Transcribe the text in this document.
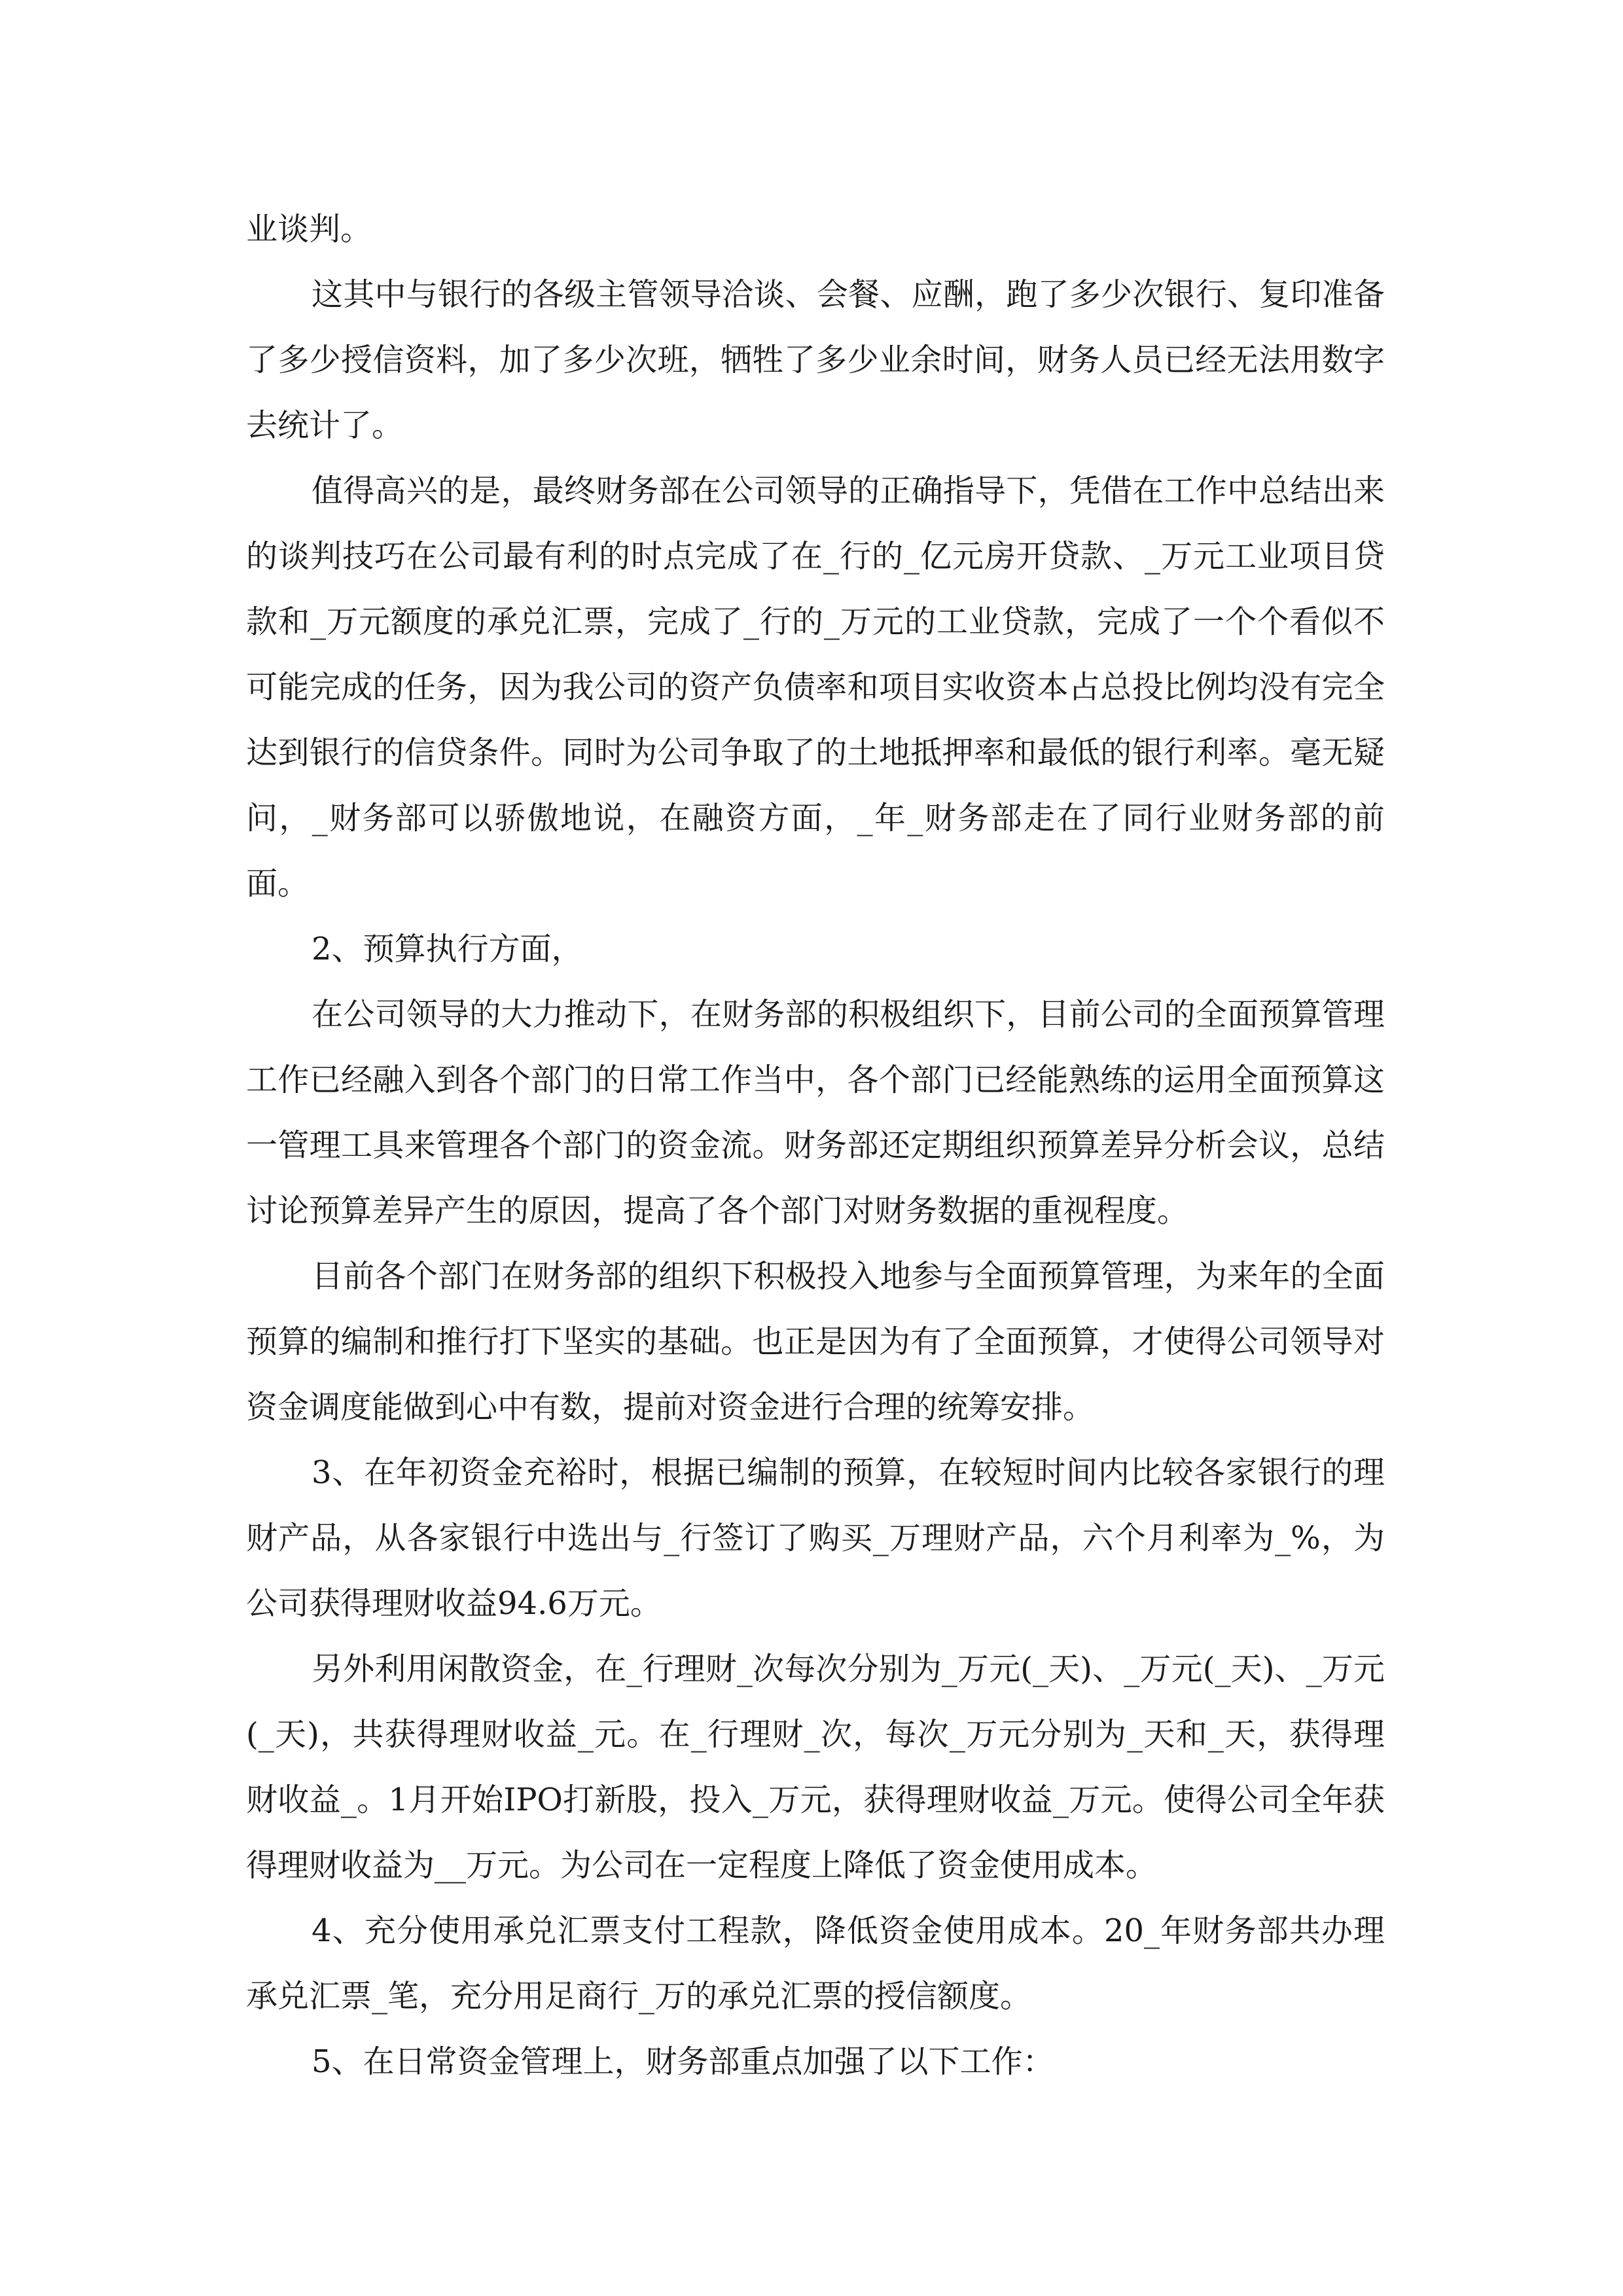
业谈判。

这其中与银行的各级主管领导洽谈、会餐、应酬，跑了多少次银行、复印准备了多少授信资料，加了多少次班，牺牲了多少业余时间，财务人员已经无法用数字去统计了。

值得高兴的是，最终财务部在公司领导的正确指导下，凭借在工作中总结出来的谈判技巧在公司最有利的时点完成了在_行的_亿元房开贷款、_万元工业项目贷款和_万元额度的承兑汇票，完成了_行的_万元的工业贷款，完成了一个个看似不可能完成的任务，因为我公司的资产负债率和项目实收资本占总投比例均没有完全达到银行的信贷条件。同时为公司争取了的土地抵押率和最低的银行利率。毫无疑问，_财务部可以骄傲地说，在融资方面，_年_财务部走在了同行业财务部的前面。

2、预算执行方面，

在公司领导的大力推动下，在财务部的积极组织下，目前公司的全面预算管理工作已经融入到各个部门的日常工作当中，各个部门已经能熟练的运用全面预算这一管理工具来管理各个部门的资金流。财务部还定期组织预算差异分析会议，总结讨论预算差异产生的原因，提高了各个部门对财务数据的重视程度。

目前各个部门在财务部的组织下积极投入地参与全面预算管理，为来年的全面预算的编制和推行打下坚实的基础。也正是因为有了全面预算，才使得公司领导对资金调度能做到心中有数，提前对资金进行合理的统筹安排。

3、在年初资金充裕时，根据已编制的预算，在较短时间内比较各家银行的理财产品，从各家银行中选出与_行签订了购买_万理财产品，六个月利率为_%，为公司获得理财收益94.6万元。

另外利用闲散资金，在_行理财_次每次分别为_万元(_天)、_万元(_天)、_万元(_天)，共获得理财收益_元。在_行理财_次，每次_万元分别为_天和_天，获得理财收益_。1月开始IPO打新股，投入_万元，获得理财收益_万元。使得公司全年获得理财收益为__万元。为公司在一定程度上降低了资金使用成本。

4、充分使用承兑汇票支付工程款，降低资金使用成本。20_年财务部共办理承兑汇票_笔，充分用足商行_万的承兑汇票的授信额度。

5、在日常资金管理上，财务部重点加强了以下工作：
